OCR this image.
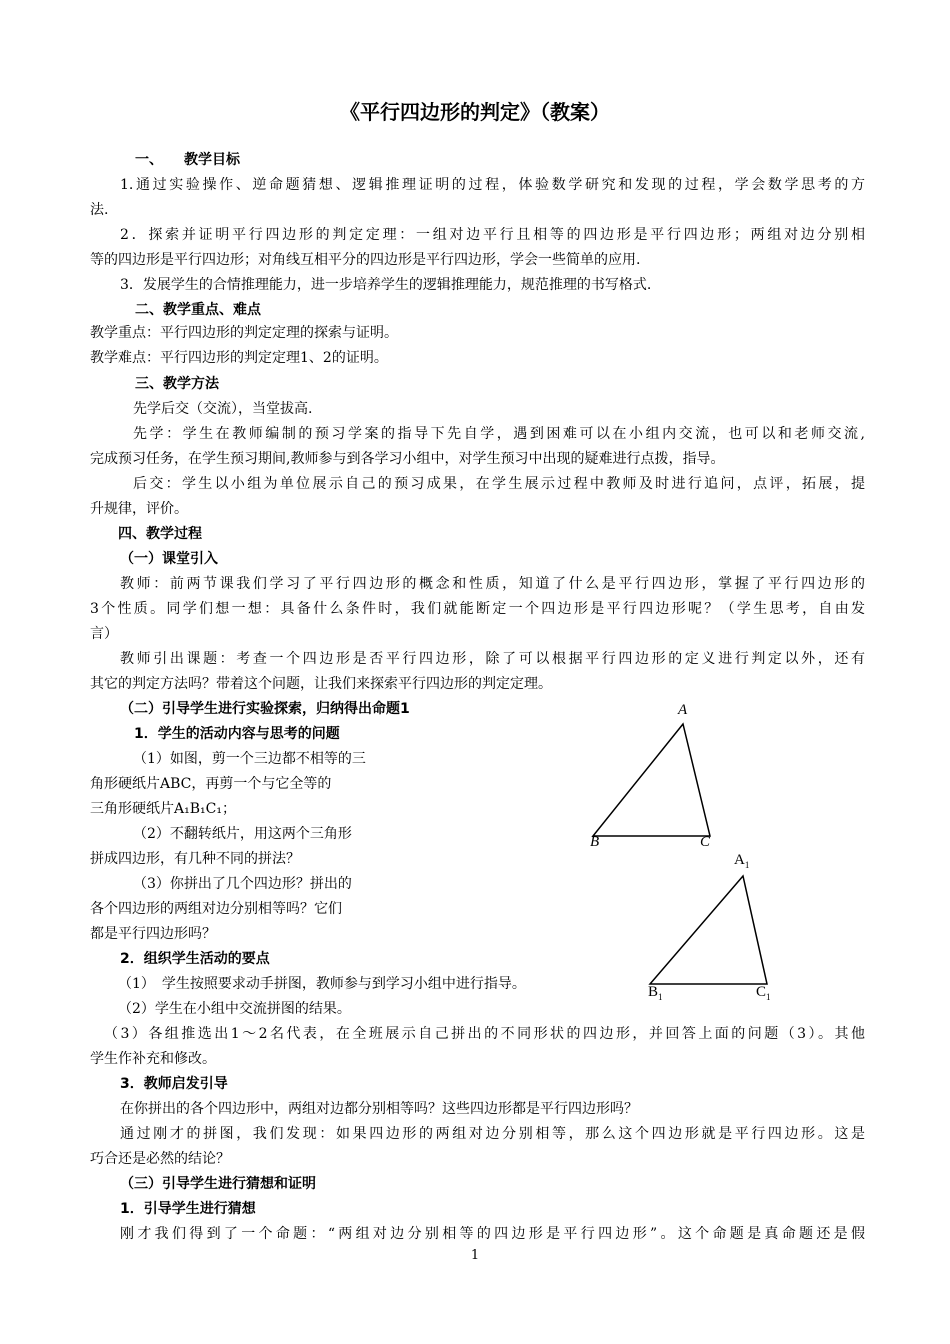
《平行四边形的判定》（教案）
一、　　教学目标
1.通过实验操作、逆命题猜想、逻辑推理证明的过程，体验数学研究和发现的过程，学会数学思考的方
法.
2．探索并证明平行四边形的判定定理：一组对边平行且相等的四边形是平行四边形；两组对边分别相
等的四边形是平行四边形；对角线互相平分的四边形是平行四边形，学会一些简单的应用.
3．发展学生的合情推理能力，进一步培养学生的逻辑推理能力，规范推理的书写格式.
二、教学重点、难点
教学重点：平行四边形的判定定理的探索与证明。
教学难点：平行四边形的判定定理1、2的证明。
三、教学方法
先学后交（交流），当堂拔高.
先学：学生在教师编制的预习学案的指导下先自学，遇到困难可以在小组内交流，也可以和老师交流,
完成预习任务，在学生预习期间,教师参与到各学习小组中，对学生预习中出现的疑难进行点拨，指导。
后交：学生以小组为单位展示自己的预习成果，在学生展示过程中教师及时进行追问，点评，拓展，提
升规律，评价。
四、教学过程
（一）课堂引入
教师：前两节课我们学习了平行四边形的概念和性质，知道了什么是平行四边形，掌握了平行四边形的
3个性质。同学们想一想：具备什么条件时，我们就能断定一个四边形是平行四边形呢？（学生思考，自由发
言）
教师引出课题：考查一个四边形是否平行四边形，除了可以根据平行四边形的定义进行判定以外，还有
其它的判定方法吗？带着这个问题，让我们来探索平行四边形的判定定理。
（二）引导学生进行实验探索，归纳得出命题1
1．学生的活动内容与思考的问题
（1）如图，剪一个三边都不相等的三
角形硬纸片ABC，再剪一个与它全等的
三角形硬纸片A₁B₁C₁；
（2）不翻转纸片，用这两个三角形
拼成四边形，有几种不同的拼法？
（3）你拼出了几个四边形？拼出的
各个四边形的两组对边分别相等吗？它们
都是平行四边形吗？
2．组织学生活动的要点
（1）　学生按照要求动手拼图，教师参与到学习小组中进行指导。
（2）学生在小组中交流拼图的结果。
（3）各组推选出1～2名代表，在全班展示自己拼出的不同形状的四边形，并回答上面的问题（3）。其他
学生作补充和修改。
3．教师启发引导
在你拼出的各个四边形中，两组对边都分别相等吗？这些四边形都是平行四边形吗？
通过刚才的拼图，我们发现：如果四边形的两组对边分别相等，那么这个四边形就是平行四边形。这是
巧合还是必然的结论？
（三）引导学生进行猜想和证明
1．引导学生进行猜想
刚才我们得到了一个命题：“两组对边分别相等的四边形是平行四边形”。这个命题是真命题还是假
A
B	C
$A_1$
$B_1$	$C_1$
1
